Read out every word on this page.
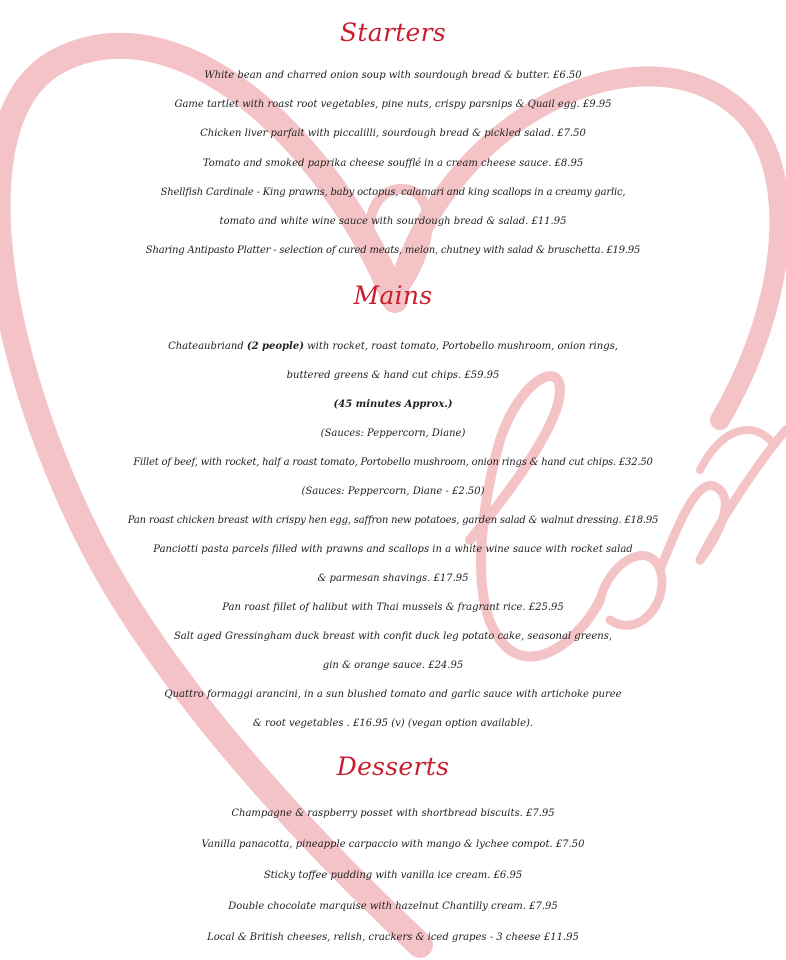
Starters
White bean and charred onion soup with sourdough bread & butter. £6.50
Game tartlet with roast root vegetables, pine nuts, crispy parsnips & Quail egg. £9.95
Chicken liver parfait with piccalilli, sourdough bread & pickled salad. £7.50
Tomato and smoked paprika cheese soufflé in a cream cheese sauce. £8.95
Shellfish Cardinale - King prawns, baby octopus, calamari and king scallops in a creamy garlic,
tomato and white wine sauce with sourdough bread & salad. £11.95
Sharing Antipasto Platter - selection of cured meats, melon, chutney with salad & bruschetta. £19.95
Mains
Chateaubriand (2 people) with rocket, roast tomato, Portobello mushroom, onion rings,
buttered greens & hand cut chips. £59.95
(45 minutes Approx.)
(Sauces: Peppercorn, Diane)
Fillet of beef, with rocket, half a roast tomato, Portobello mushroom, onion rings & hand cut chips. £32.50
(Sauces: Peppercorn, Diane - £2.50)
Pan roast chicken breast with crispy hen egg, saffron new potatoes, garden salad & walnut dressing. £18.95
Panciotti pasta parcels filled with prawns and scallops in a white wine sauce with rocket salad
& parmesan shavings. £17.95
Pan roast fillet of halibut with Thai mussels & fragrant rice. £25.95
Salt aged Gressingham duck breast with confit duck leg potato cake, seasonal greens,
gin & orange sauce. £24.95
Quattro formaggi arancini, in a sun blushed tomato and garlic sauce with artichoke puree
& root vegetables . £16.95 (v) (vegan option available).
Desserts
Champagne & raspberry posset with shortbread biscuits. £7.95
Vanilla panacotta, pineapple carpaccio with mango & lychee compot. £7.50
Sticky toffee pudding with vanilla ice cream. £6.95
Double chocolate marquise with hazelnut Chantilly cream. £7.95
Local & British cheeses, relish, crackers & iced grapes - 3 cheese £11.95
